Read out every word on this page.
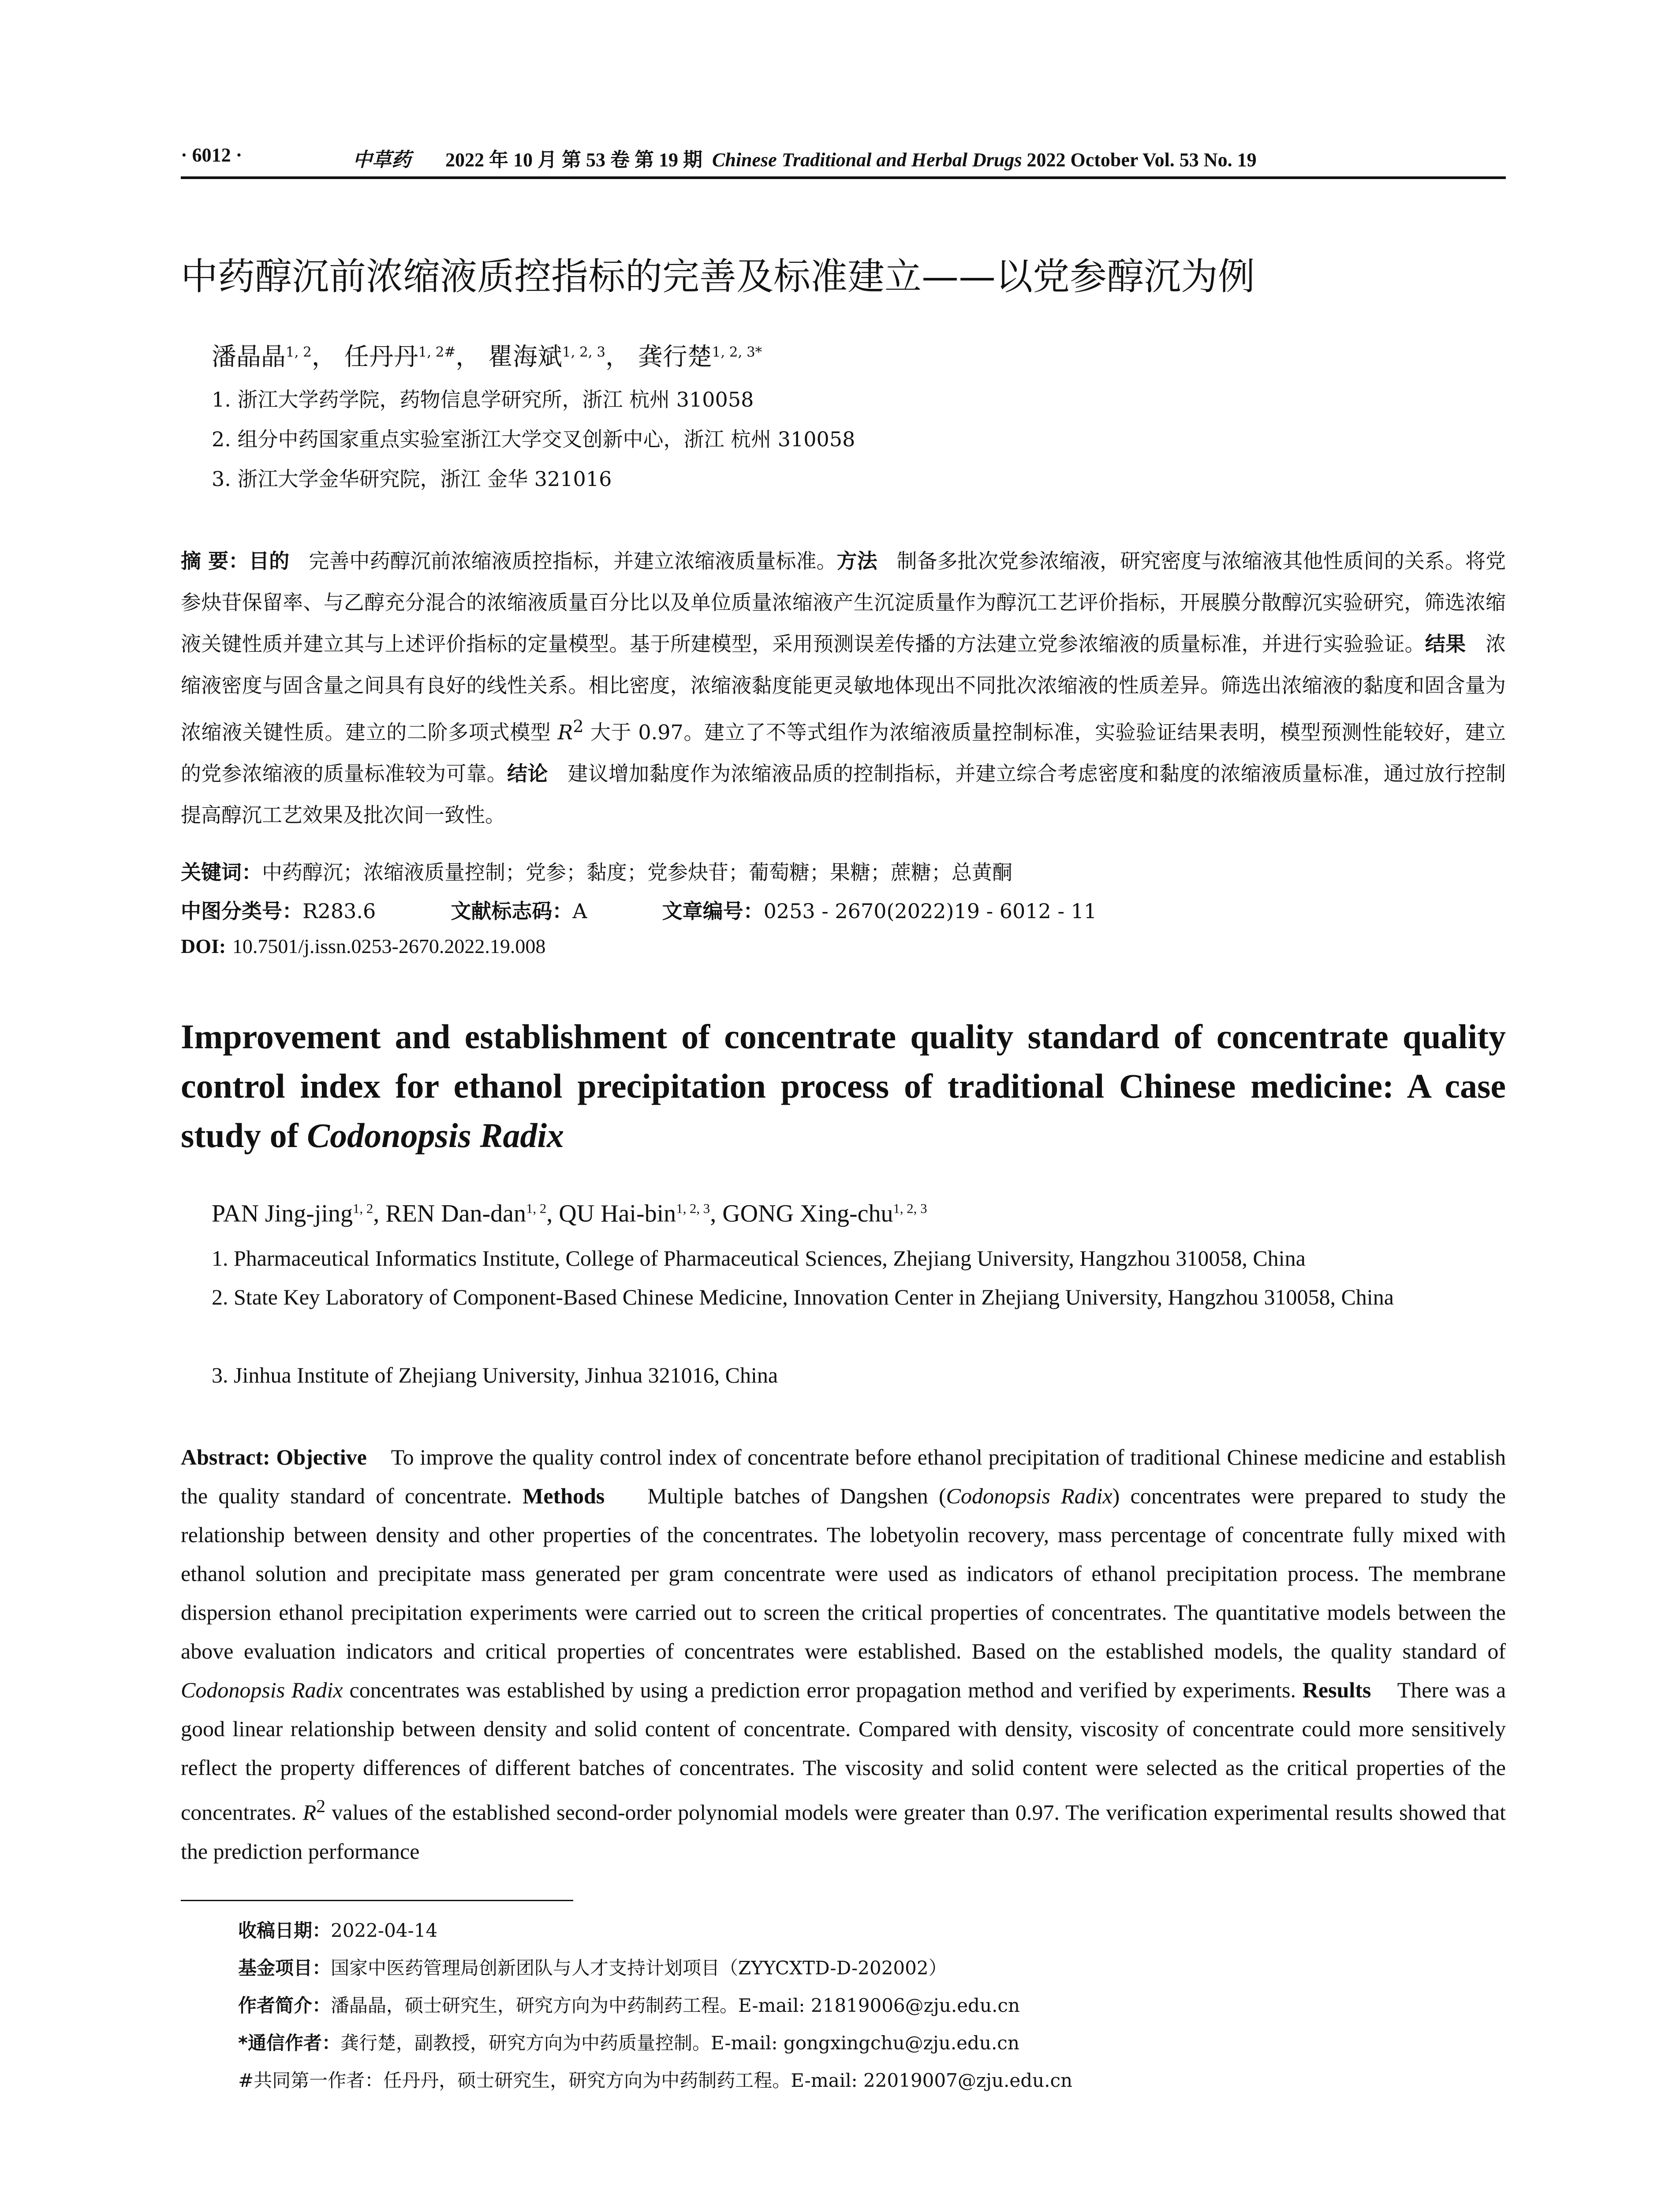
· 6012 ·	中草药 2022 年 10 月 第 53 卷 第 19 期 Chinese Traditional and Herbal Drugs 2022 October Vol. 53 No. 19
中药醇沉前浓缩液质控指标的完善及标准建立——以党参醇沉为例
潘晶晶$^{1, 2}$， 任丹丹$^{1, 2\#}$， 瞿海斌$^{1, 2, 3}$， 龚行楚$^{1, 2, 3*}$
1. 浙江大学药学院，药物信息学研究所，浙江 杭州 310058
2. 组分中药国家重点实验室浙江大学交叉创新中心，浙江 杭州 310058
3. 浙江大学金华研究院，浙江 金华 321016
摘 要：目的 完善中药醇沉前浓缩液质控指标，并建立浓缩液质量标准。方法 制备多批次党参浓缩液，研究密度与浓缩液其他性质间的关系。将党参炔苷保留率、与乙醇充分混合的浓缩液质量百分比以及单位质量浓缩液产生沉淀质量作为醇沉工艺评价指标，开展膜分散醇沉实验研究，筛选浓缩液关键性质并建立其与上述评价指标的定量模型。基于所建模型，采用预测误差传播的方法建立党参浓缩液的质量标准，并进行实验验证。结果 浓缩液密度与固含量之间具有良好的线性关系。相比密度，浓缩液黏度能更灵敏地体现出不同批次浓缩液的性质差异。筛选出浓缩液的黏度和固含量为浓缩液关键性质。建立的二阶多项式模型 $R^2$ 大于 0.97。建立了不等式组作为浓缩液质量控制标准，实验验证结果表明，模型预测性能较好，建立的党参浓缩液的质量标准较为可靠。结论 建议增加黏度作为浓缩液品质的控制指标，并建立综合考虑密度和黏度的浓缩液质量标准，通过放行控制提高醇沉工艺效果及批次间一致性。
关键词：中药醇沉；浓缩液质量控制；党参；黏度；党参炔苷；葡萄糖；果糖；蔗糖；总黄酮
中图分类号：R283.6	文献标志码：A	文章编号：0253 - 2670(2022)19 - 6012 - 11
DOI: 10.7501/j.issn.0253-2670.2022.19.008
Improvement and establishment of concentrate quality standard of concentrate quality control index for ethanol precipitation process of traditional Chinese medicine: A case study of Codonopsis Radix
PAN Jing-jing$^{1, 2}$, REN Dan-dan$^{1, 2}$, QU Hai-bin$^{1, 2, 3}$, GONG Xing-chu$^{1, 2, 3}$
1. Pharmaceutical Informatics Institute, College of Pharmaceutical Sciences, Zhejiang University, Hangzhou 310058, China
2. State Key Laboratory of Component-Based Chinese Medicine, Innovation Center in Zhejiang University, Hangzhou 310058, China
3. Jinhua Institute of Zhejiang University, Jinhua 321016, China
Abstract: Objective To improve the quality control index of concentrate before ethanol precipitation of traditional Chinese medicine and establish the quality standard of concentrate. Methods Multiple batches of Dangshen (Codonopsis Radix) concentrates were prepared to study the relationship between density and other properties of the concentrates. The lobetyolin recovery, mass percentage of concentrate fully mixed with ethanol solution and precipitate mass generated per gram concentrate were used as indicators of ethanol precipitation process. The membrane dispersion ethanol precipitation experiments were carried out to screen the critical properties of concentrates. The quantitative models between the above evaluation indicators and critical properties of concentrates were established. Based on the established models, the quality standard of Codonopsis Radix concentrates was established by using a prediction error propagation method and verified by experiments. Results There was a good linear relationship between density and solid content of concentrate. Compared with density, viscosity of concentrate could more sensitively reflect the property differences of different batches of concentrates. The viscosity and solid content were selected as the critical properties of the concentrates. $R^2$ values of the established second-order polynomial models were greater than 0.97. The verification experimental results showed that the prediction performance
收稿日期：2022-04-14
基金项目：国家中医药管理局创新团队与人才支持计划项目（ZYYCXTD-D-202002）
作者简介：潘晶晶，硕士研究生，研究方向为中药制药工程。E-mail: 21819006@zju.edu.cn
*通信作者：龚行楚，副教授，研究方向为中药质量控制。E-mail: gongxingchu@zju.edu.cn
#共同第一作者：任丹丹，硕士研究生，研究方向为中药制药工程。E-mail: 22019007@zju.edu.cn
